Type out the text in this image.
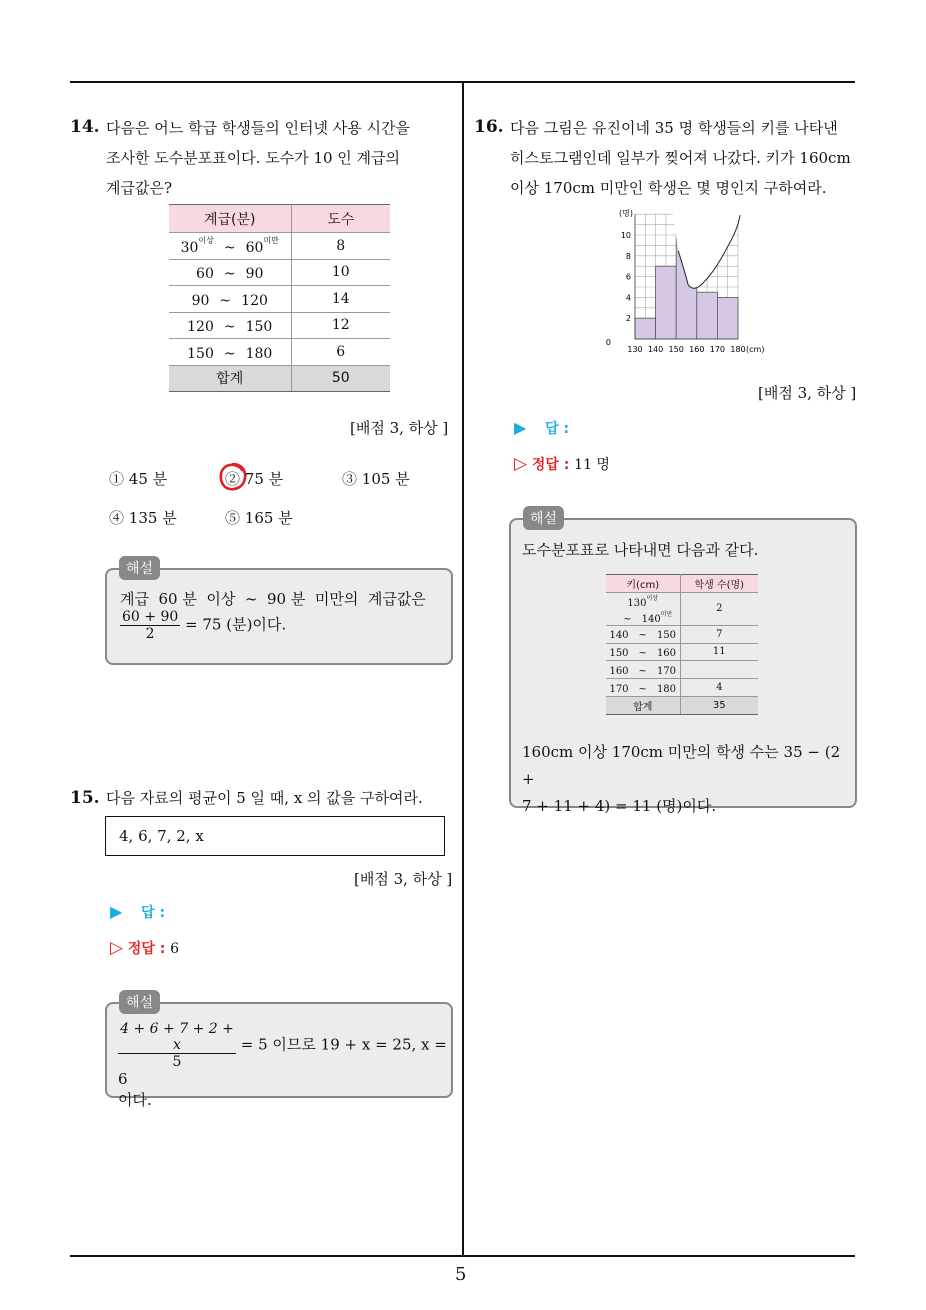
5
14. 다음은 어느 학급 학생들의 인터넷 사용 시간을
조사한 도수분포표이다. 도수가 10 인 계급의
계급값은?
계급(분)	도수
$30^{이상}$ ~ $60^{미만}$	8
60 ~ 90	10
90 ~ 120	14
120 ~ 150	12
150 ~ 180	6
합계	50
[배점 3, 하상 ]
① 45 분	② 75 분	③ 105 분
④ 135 분	⑤ 165 분
해설
계급  60 분  이상  ~  90 분  미만의  계급값은
$\frac{60 + 90}{2} = 75$ (분)이다.
15. 다음 자료의 평균이 5 일 때, x 의 값을 구하여라.
4, 6, 7, 2, x
[배점 3, 하상 ]
▶ 답 :
▷ 정답 : 6
해설
$\frac{4 + 6 + 7 + 2 + x}{5} = 5$ 이므로 19 + x = 25, x = 6
이다.
16. 다음 그림은 유진이네 35 명 학생들의 키를 나타낸
히스토그램인데 일부가 찢어져 나갔다. 키가 160cm
이상 170cm 미만인 학생은 몇 명인지 구하여라.
0
2
4
6
8
10
(명)
130 140 150 160 170 180 (cm)
[배점 3, 하상 ]
▶ 답 :
▷ 정답 : 11 명
해설
도수분포표로 나타내면 다음과 같다.
키(cm)	학생 수(명)
$130^{이상}\sim$ $140^{미만}$	2
140 ~ 150	7
150 ~ 160	11
160 ~ 170	
170 ~ 180	4
합계	35
160cm 이상 170cm 미만의 학생 수는 35 − (2 +
7 + 11 + 4) = 11 (명)이다.
